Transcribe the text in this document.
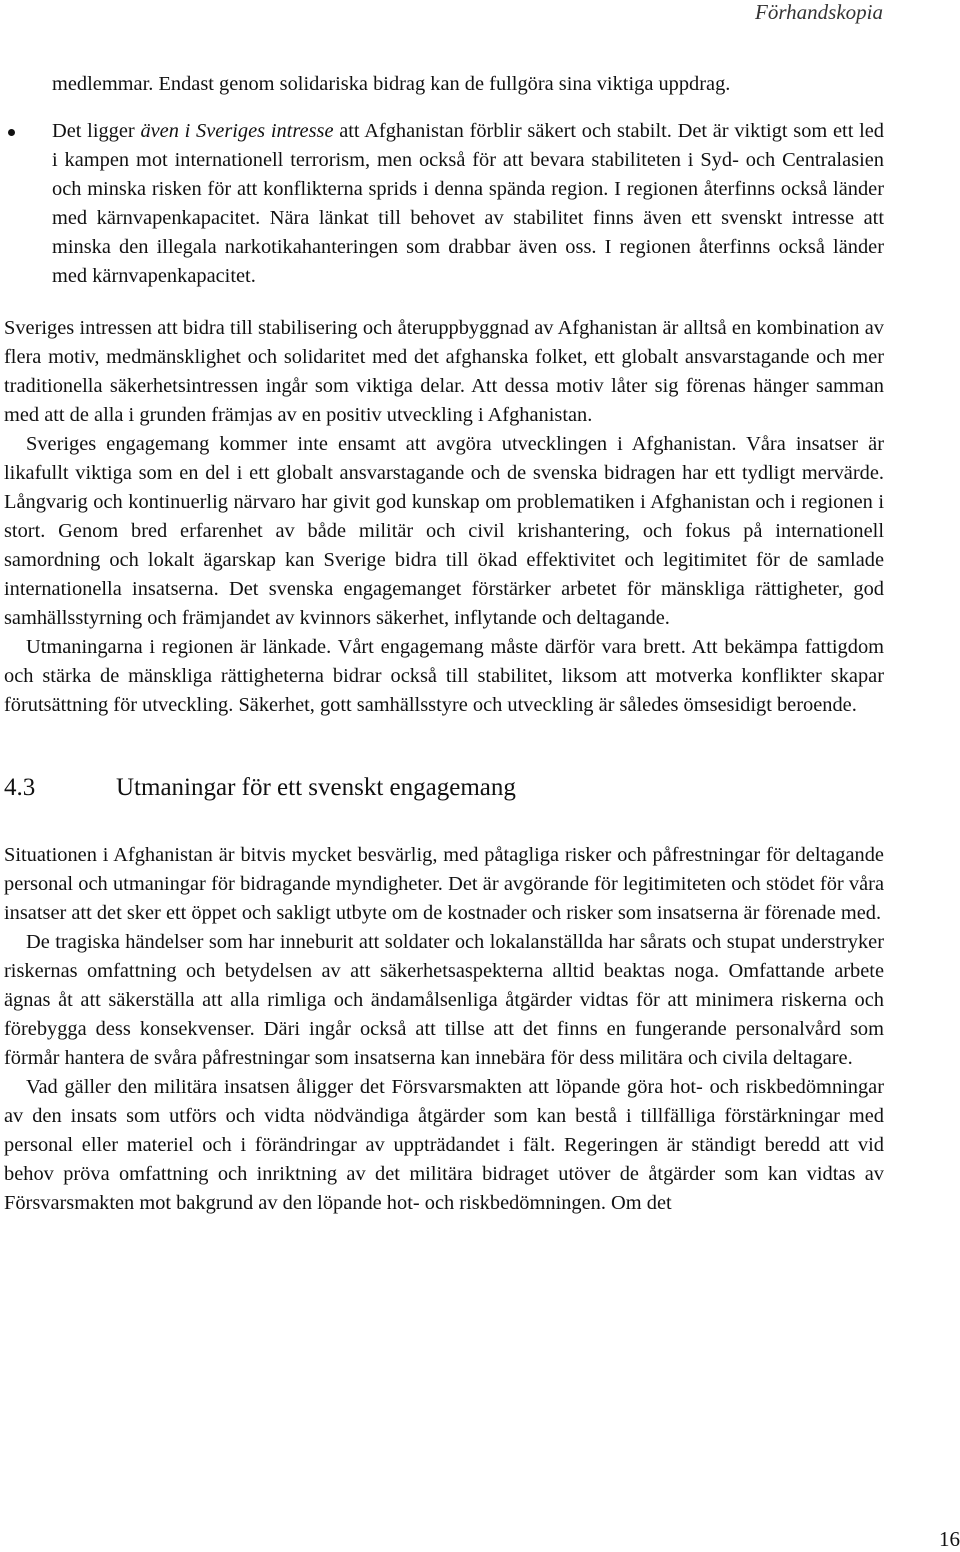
Förhandskopia

medlemmar. Endast genom solidariska bidrag kan de fullgöra sina viktiga uppdrag.

Det ligger även i Sveriges intresse att Afghanistan förblir säkert och stabilt. Det är viktigt som ett led i kampen mot internationell terrorism, men också för att bevara stabiliteten i Syd- och Centralasien och minska risken för att konflikterna sprids i denna spända region. I regionen återfinns också länder med kärnvapenkapacitet. Nära länkat till behovet av stabilitet finns även ett svenskt intresse att minska den illegala narkotikahanteringen som drabbar även oss. I regionen återfinns också länder med kärnvapenkapacitet.

Sveriges intressen att bidra till stabilisering och återuppbyggnad av Afghanistan är alltså en kombination av flera motiv, medmänsklighet och solidaritet med det afghanska folket, ett globalt ansvarstagande och mer traditionella säkerhetsintressen ingår som viktiga delar. Att dessa motiv låter sig förenas hänger samman med att de alla i grunden främjas av en positiv utveckling i Afghanistan.

Sveriges engagemang kommer inte ensamt att avgöra utvecklingen i Afghanistan. Våra insatser är likafullt viktiga som en del i ett globalt ansvarstagande och de svenska bidragen har ett tydligt mervärde. Långvarig och kontinuerlig närvaro har givit god kunskap om problematiken i Afghanistan och i regionen i stort. Genom bred erfarenhet av både militär och civil krishantering, och fokus på internationell samordning och lokalt ägarskap kan Sverige bidra till ökad effektivitet och legitimitet för de samlade internationella insatserna. Det svenska engagemanget förstärker arbetet för mänskliga rättigheter, god samhällsstyrning och främjandet av kvinnors säkerhet, inflytande och deltagande.

Utmaningarna i regionen är länkade. Vårt engagemang måste därför vara brett. Att bekämpa fattigdom och stärka de mänskliga rättigheterna bidrar också till stabilitet, liksom att motverka konflikter skapar förutsättning för utveckling. Säkerhet, gott samhällsstyre och utveckling är således ömsesidigt beroende.

4.3	Utmaningar för ett svenskt engagemang

Situationen i Afghanistan är bitvis mycket besvärlig, med påtagliga risker och påfrestningar för deltagande personal och utmaningar för bidragande myndigheter. Det är avgörande för legitimiteten och stödet för våra insatser att det sker ett öppet och sakligt utbyte om de kostnader och risker som insatserna är förenade med.

De tragiska händelser som har inneburit att soldater och lokalanställda har sårats och stupat understryker riskernas omfattning och betydelsen av att säkerhetsaspekterna alltid beaktas noga. Omfattande arbete ägnas åt att säkerställa att alla rimliga och ändamålsenliga åtgärder vidtas för att minimera riskerna och förebygga dess konsekvenser. Däri ingår också att tillse att det finns en fungerande personalvård som förmår hantera de svåra påfrestningar som insatserna kan innebära för dess militära och civila deltagare.

Vad gäller den militära insatsen åligger det Försvarsmakten att löpande göra hot- och riskbedömningar av den insats som utförs och vidta nödvändiga åtgärder som kan bestå i tillfälliga förstärkningar med personal eller materiel och i förändringar av uppträdandet i fält. Regeringen är ständigt beredd att vid behov pröva omfattning och inriktning av det militära bidraget utöver de åtgärder som kan vidtas av Försvarsmakten mot bakgrund av den löpande hot- och riskbedömningen. Om det

16
